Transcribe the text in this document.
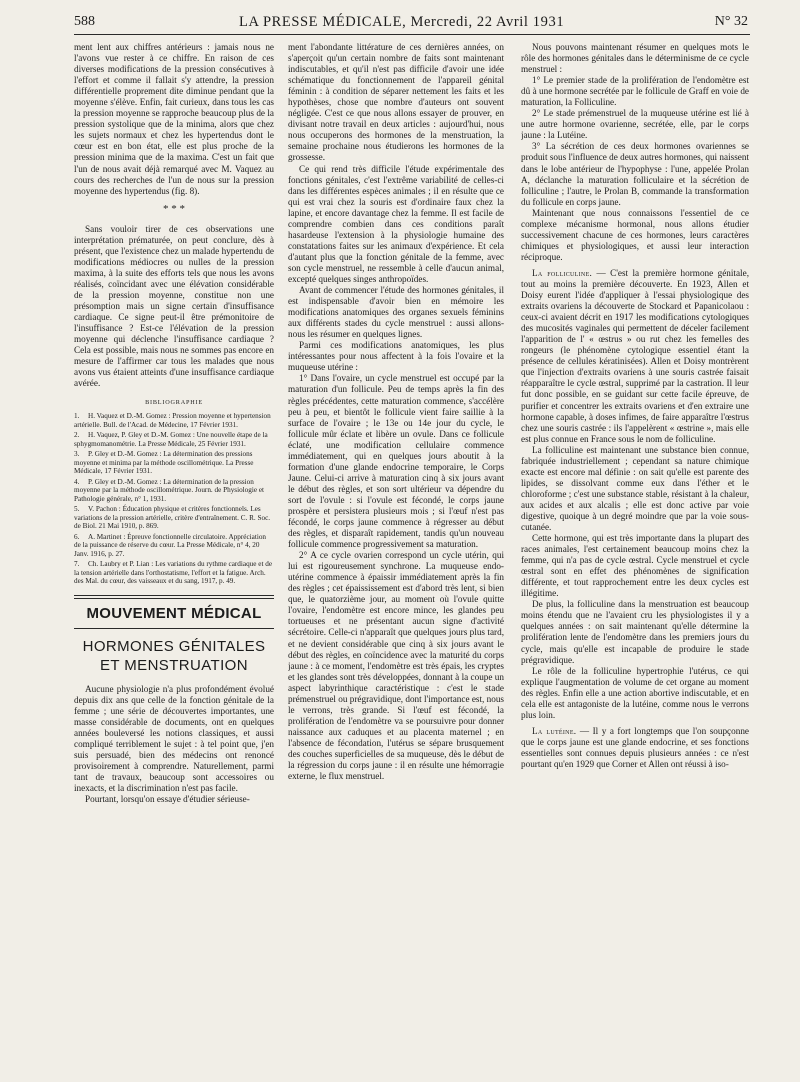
588	LA PRESSE MÉDICALE, Mercredi, 22 Avril 1931	N° 32

ment lent aux chiffres antérieurs : jamais nous ne l'avons vue rester à ce chiffre. En raison de ces diverses modifications de la pression consécutives à l'effort et comme il fallait s'y attendre, la pression différentielle proprement dite diminue pendant que la moyenne s'élève. Enfin, fait curieux, dans tous les cas la pression moyenne se rapproche beaucoup plus de la pression systolique que de la minima, alors que chez les sujets normaux et chez les hypertendus dont le cœur est en bon état, elle est plus proche de la pression minima que de la maxima. C'est un fait que l'un de nous avait déjà remarqué avec M. Vaquez au cours des recherches de l'un de nous sur la pression moyenne des hypertendus (fig. 8).

* * *

Sans vouloir tirer de ces observations une interprétation prématurée, on peut conclure, dès à présent, que l'existence chez un malade hypertendu de modifications médiocres ou nulles de la pression maxima, à la suite des efforts tels que nous les avons réalisés, coïncidant avec une élévation considérable de la pression moyenne, constitue non une présomption mais un signe certain d'insuffisance cardiaque. Ce signe peut-il être prémonitoire de l'insuffisance ? Est-ce l'élévation de la pression moyenne qui déclenche l'insuffisance cardiaque ? Cela est possible, mais nous ne sommes pas encore en mesure de l'affirmer car tous les malades que nous avons vus étaient atteints d'une insuffisance cardiaque avérée.

BIBLIOGRAPHIE
1. H. Vaquez et D.-M. Gomez : Pression moyenne et hypertension artérielle. Bull. de l'Acad. de Médecine, 17 Février 1931.
2. H. Vaquez, P. Gley et D.-M. Gomez : Une nouvelle étape de la sphygmomanométrie. La Presse Médicale, 25 Février 1931.
3. P. Gley et D.-M. Gomez : La détermination des pressions moyenne et minima par la méthode oscillométrique. La Presse Médicale, 17 Février 1931.
4. P. Gley et D.-M. Gomez : La détermination de la pression moyenne par la méthode oscillométrique. Journ. de Physiologie et Pathologie générale, n° 1, 1931.
5. V. Pachon : Éducation physique et critères fonctionnels. Les variations de la pression artérielle, critère d'entraînement. C. R. Soc. de Biol. 21 Mai 1910, p. 869.
6. A. Martinet : Épreuve fonctionnelle circulatoire. Appréciation de la puissance de réserve du cœur. La Presse Médicale, n° 4, 20 Janv. 1916, p. 27.
7. Ch. Laubry et P. Lian : Les variations du rythme cardiaque et de la tension artérielle dans l'orthostatisme, l'effort et la fatigue. Arch. des Mal. du cœur, des vaisseaux et du sang, 1917, p. 49.
MOUVEMENT MÉDICAL
HORMONES GÉNITALES
ET MENSTRUATION

Aucune physiologie n'a plus profondément évolué depuis dix ans que celle de la fonction génitale de la femme ; une série de découvertes importantes, une masse considérable de documents, ont en quelques années bouleversé les notions classiques, et aussi compliqué terriblement le sujet : à tel point que, j'en suis persuadé, bien des médecins ont renoncé provisoirement à comprendre. Naturellement, parmi tant de travaux, beaucoup sont accessoires ou inexacts, et la discrimination n'est pas facile.

Pourtant, lorsqu'on essaye d'étudier sérieuse-

ment l'abondante littérature de ces dernières années, on s'aperçoit qu'un certain nombre de faits sont maintenant indiscutables, et qu'il n'est pas difficile d'avoir une idée schématique du fonctionnement de l'appareil génital féminin : à condition de séparer nettement les faits et les hypothèses, chose que nombre d'auteurs ont souvent négligée. C'est ce que nous allons essayer de prouver, en divisant notre travail en deux articles : aujourd'hui, nous nous occuperons des hormones de la menstruation, la semaine prochaine nous étudierons les hormones de la grossesse.

Ce qui rend très difficile l'étude expérimentale des fonctions génitales, c'est l'extrême variabilité de celles-ci dans les différentes espèces animales ; il en résulte que ce qui est vrai chez la souris est d'ordinaire faux chez la lapine, et encore davantage chez la femme. Il est facile de comprendre combien dans ces conditions paraît hasardeuse l'extension à la physiologie humaine des constatations faites sur les animaux d'expérience. Et cela d'autant plus que la fonction génitale de la femme, avec son cycle menstruel, ne ressemble à celle d'aucun animal, excepté quelques singes anthropoïdes.

Avant de commencer l'étude des hormones génitales, il est indispensable d'avoir bien en mémoire les modifications anatomiques des organes sexuels féminins aux différents stades du cycle menstruel : aussi allons-nous les résumer en quelques lignes.

Parmi ces modifications anatomiques, les plus intéressantes pour nous affectent à la fois l'ovaire et la muqueuse utérine :

1° Dans l'ovaire, un cycle menstruel est occupé par la maturation d'un follicule. Peu de temps après la fin des règles précédentes, cette maturation commence, s'accélère peu à peu, et bientôt le follicule vient faire saillie à la surface de l'ovaire ; le 13e ou 14e jour du cycle, le follicule mûr éclate et libère un ovule. Dans ce follicule éclaté, une modification cellulaire commence immédiatement, qui en quelques jours aboutit à la formation d'une glande endocrine temporaire, le Corps Jaune. Celui-ci arrive à maturation cinq à six jours avant le début des règles, et son sort ultérieur va dépendre du sort de l'ovule : si l'ovule est fécondé, le corps jaune prospère et persistera plusieurs mois ; si l'œuf n'est pas fécondé, le corps jaune commence à régresser au début des règles, et disparaît rapidement, tandis qu'un nouveau follicule commence progressivement sa maturation.

2° A ce cycle ovarien correspond un cycle utérin, qui lui est rigoureusement synchrone. La muqueuse endo-utérine commence à épaissir immédiatement après la fin des règles ; cet épaississement est d'abord très lent, si bien que, le quatorzième jour, au moment où l'ovule quitte l'ovaire, l'endomètre est encore mince, les glandes peu tortueuses et ne présentant aucun signe d'activité sécrétoire. Celle-ci n'apparaît que quelques jours plus tard, et ne devient considérable que cinq à six jours avant le début des règles, en coïncidence avec la maturité du corps jaune : à ce moment, l'endomètre est très épais, les cryptes et les glandes sont très développées, donnant à la coupe un aspect labyrinthique caractéristique : c'est le stade prémenstruel ou prégravidique, dont l'importance est, nous le verrons, très grande. Si l'œuf est fécondé, la prolifération de l'endomètre va se poursuivre pour donner naissance aux caduques et au placenta maternel ; en l'absence de fécondation, l'utérus se sépare brusquement des couches superficielles de sa muqueuse, dès le début de la régression du corps jaune : il en résulte une hémorragie externe, le flux menstruel.

Nous pouvons maintenant résumer en quelques mots le rôle des hormones génitales dans le déterminisme de ce cycle menstruel :

1° Le premier stade de la prolifération de l'endomètre est dû à une hormone secrétée par le follicule de Graff en voie de maturation, la Folliculine.

2° Le stade prémenstruel de la muqueuse utérine est lié à une autre hormone ovarienne, secrétée, elle, par le corps jaune : la Lutéine.

3° La sécrétion de ces deux hormones ovariennes se produit sous l'influence de deux autres hormones, qui naissent dans le lobe antérieur de l'hypophyse : l'une, appelée Prolan A, déclanche la maturation folliculaire et la sécrétion de folliculine ; l'autre, le Prolan B, commande la transformation du follicule en corps jaune.

Maintenant que nous connaissons l'essentiel de ce complexe mécanisme hormonal, nous allons étudier successivement chacune de ces hormones, leurs caractères chimiques et physiologiques, et aussi leur interaction réciproque.

La folliculine. — C'est la première hormone génitale, tout au moins la première découverte. En 1923, Allen et Doisy eurent l'idée d'appliquer à l'essai physiologique des extraits ovariens la découverte de Stockard et Papanicolaou : ceux-ci avaient décrit en 1917 les modifications cytologiques des mucosités vaginales qui permettent de déceler facilement l'apparition de l' « œstrus » ou rut chez les femelles des rongeurs (le phénomène cytologique essentiel étant la présence de cellules kératinisées). Allen et Doisy montrèrent que l'injection d'extraits ovariens à une souris castrée faisait réapparaître le cycle œstral, supprimé par la castration. Il leur fut donc possible, en se guidant sur cette facile épreuve, de purifier et concentrer les extraits ovariens et d'en extraire une hormone capable, à doses infimes, de faire apparaître l'œstrus chez une souris castrée : ils l'appelèrent « œstrine », mais elle est plus connue en France sous le nom de folliculine.

La folliculine est maintenant une substance bien connue, fabriquée industriellement ; cependant sa nature chimique exacte est encore mal définie : on sait qu'elle est parente des lipides, se dissolvant comme eux dans l'éther et le chloroforme ; c'est une substance stable, résistant à la chaleur, aux acides et aux alcalis ; elle est donc active par voie digestive, quoique à un degré moindre que par la voie sous-cutanée.

Cette hormone, qui est très importante dans la plupart des races animales, l'est certainement beaucoup moins chez la femme, qui n'a pas de cycle œstral. Cycle menstruel et cycle œstral sont en effet des phénomènes de signification différente, et tout rapprochement entre les deux cycles est illégitime.

De plus, la folliculine dans la menstruation est beaucoup moins étendu que ne l'avaient cru les physiologistes il y a quelques années : on sait maintenant qu'elle détermine la prolifération lente de l'endomètre dans les premiers jours du cycle, mais qu'elle est incapable de produire le stade prégravidique.

Le rôle de la folliculine hypertrophie l'utérus, ce qui explique l'augmentation de volume de cet organe au moment des règles. Enfin elle a une action abortive indiscutable, et en cela elle est antagoniste de la lutéine, comme nous le verrons plus loin.

La lutéine. — Il y a fort longtemps que l'on soupçonne que le corps jaune est une glande endocrine, et ses fonctions essentielles sont connues depuis plusieurs années : ce n'est pourtant qu'en 1929 que Corner et Allen ont réussi à iso-
